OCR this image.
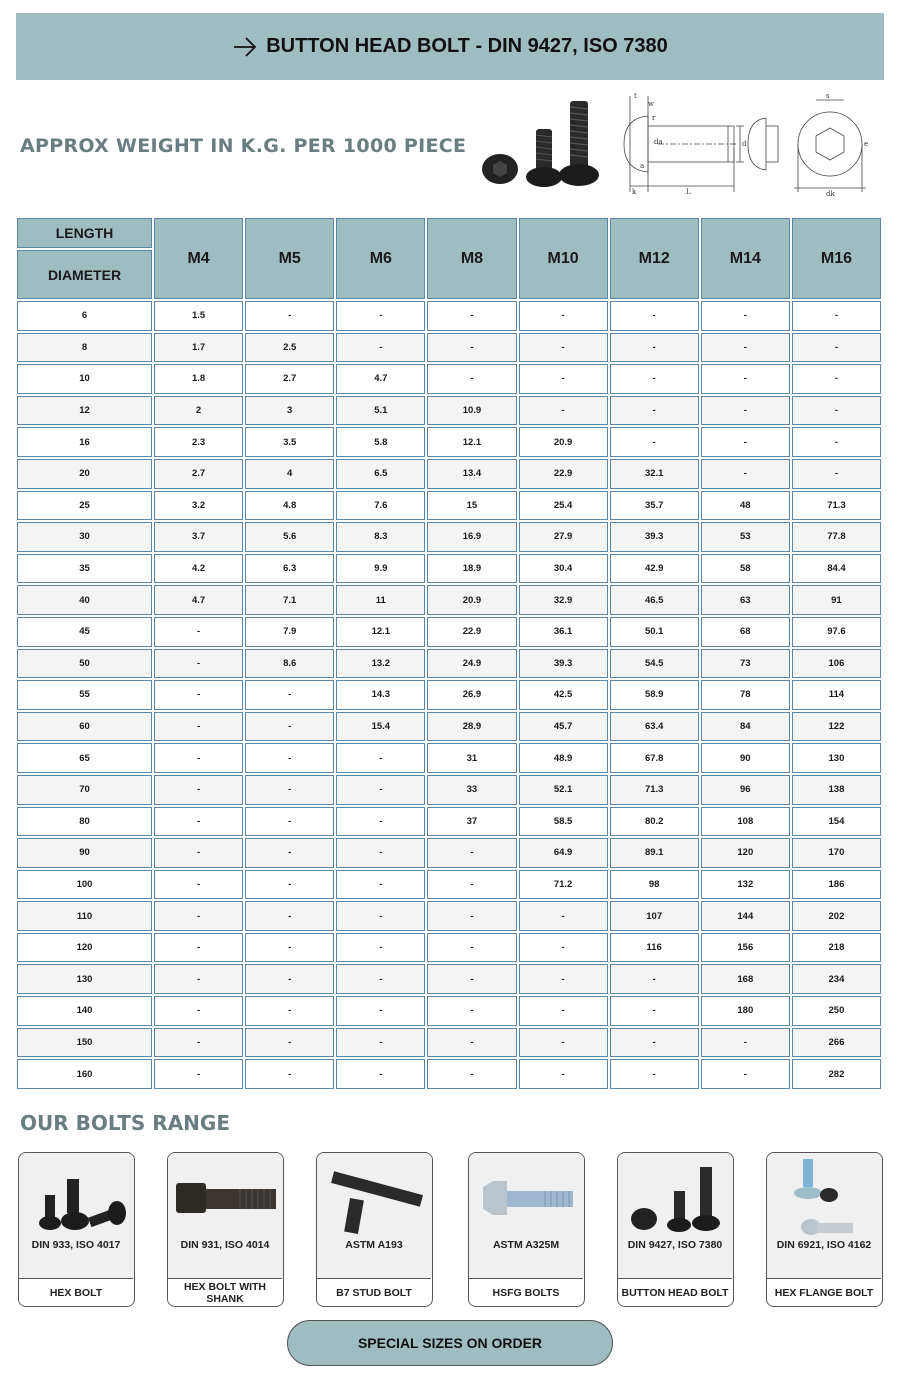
BUTTON HEAD BOLT - DIN 9427, ISO 7380
APPROX WEIGHT IN K.G. PER 1000 PIECE
t
w
r
da	d
a
k	L
s
e
dk
LENGTH	M4	M5	M6	M8	M10	M12	M14	M16
DIAMETER								
6	1.5	-	-	-	-	-	-	-
8	1.7	2.5	-	-	-	-	-	-
10	1.8	2.7	4.7	-	-	-	-	-
12	2	3	5.1	10.9	-	-	-	-
16	2.3	3.5	5.8	12.1	20.9	-	-	-
20	2.7	4	6.5	13.4	22.9	32.1	-	-
25	3.2	4.8	7.6	15	25.4	35.7	48	71.3
30	3.7	5.6	8.3	16.9	27.9	39.3	53	77.8
35	4.2	6.3	9.9	18.9	30.4	42.9	58	84.4
40	4.7	7.1	11	20.9	32.9	46.5	63	91
45	-	7.9	12.1	22.9	36.1	50.1	68	97.6
50	-	8.6	13.2	24.9	39.3	54.5	73	106
55	-	-	14.3	26.9	42.5	58.9	78	114
60	-	-	15.4	28.9	45.7	63.4	84	122
65	-	-	-	31	48.9	67.8	90	130
70	-	-	-	33	52.1	71.3	96	138
80	-	-	-	37	58.5	80.2	108	154
90	-	-	-	-	64.9	89.1	120	170
100	-	-	-	-	71.2	98	132	186
110	-	-	-	-	-	107	144	202
120	-	-	-	-	-	116	156	218
130	-	-	-	-	-	-	168	234
140	-	-	-	-	-	-	180	250
150	-	-	-	-	-	-	-	266
160	-	-	-	-	-	-	-	282
OUR BOLTS RANGE
DIN 933, ISO 4017
HEX BOLT
DIN 931, ISO 4014
HEX BOLT WITH SHANK
ASTM A193
B7 STUD BOLT
ASTM A325M
HSFG BOLTS
DIN 9427, ISO 7380
BUTTON HEAD BOLT
DIN 6921, ISO 4162
HEX FLANGE BOLT
SPECIAL SIZES ON ORDER
